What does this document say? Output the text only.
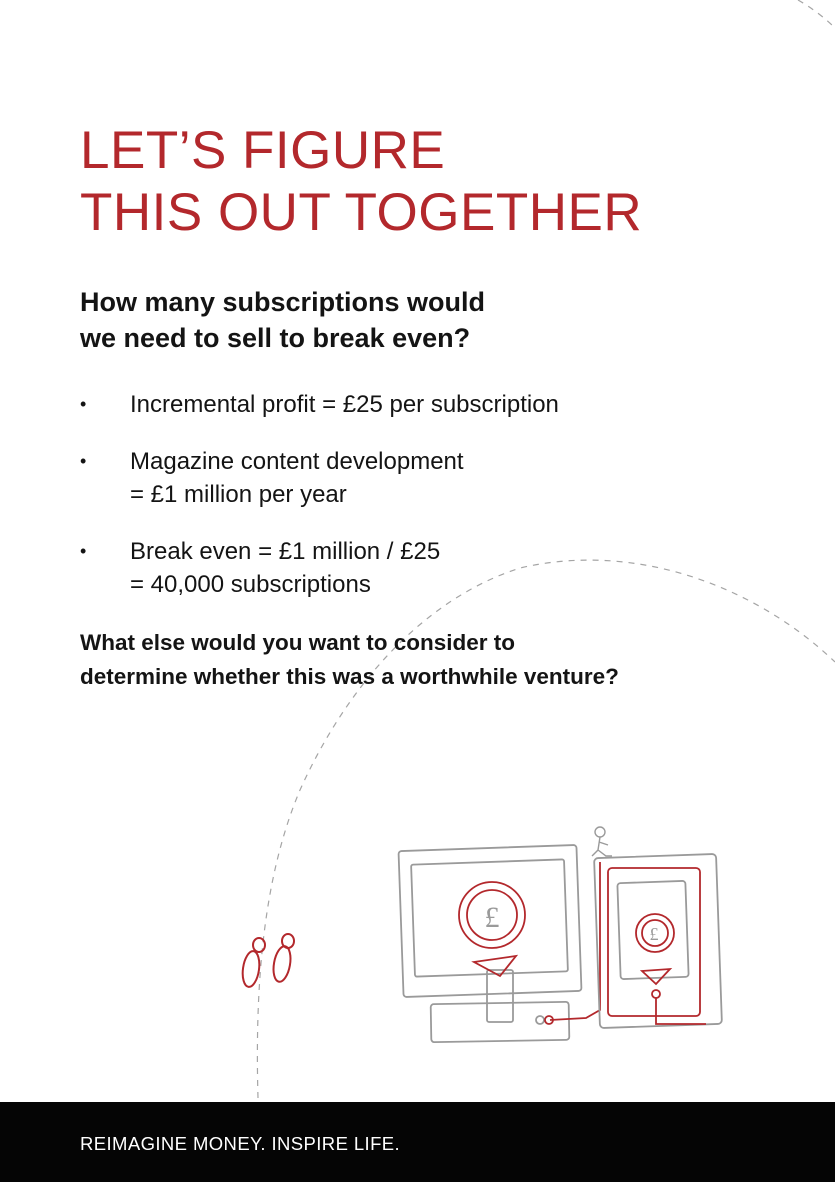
£	£
LET’S FIGURE
THIS OUT TOGETHER
How many subscriptions would
we need to sell to break even?
• Incremental profit = £25 per subscription
• Magazine content development
= £1 million per year
• Break even = £1 million / £25
= 40,000 subscriptions
What else would you want to consider to
determine whether this was a worthwhile venture?
REIMAGINE MONEY. INSPIRE LIFE.
